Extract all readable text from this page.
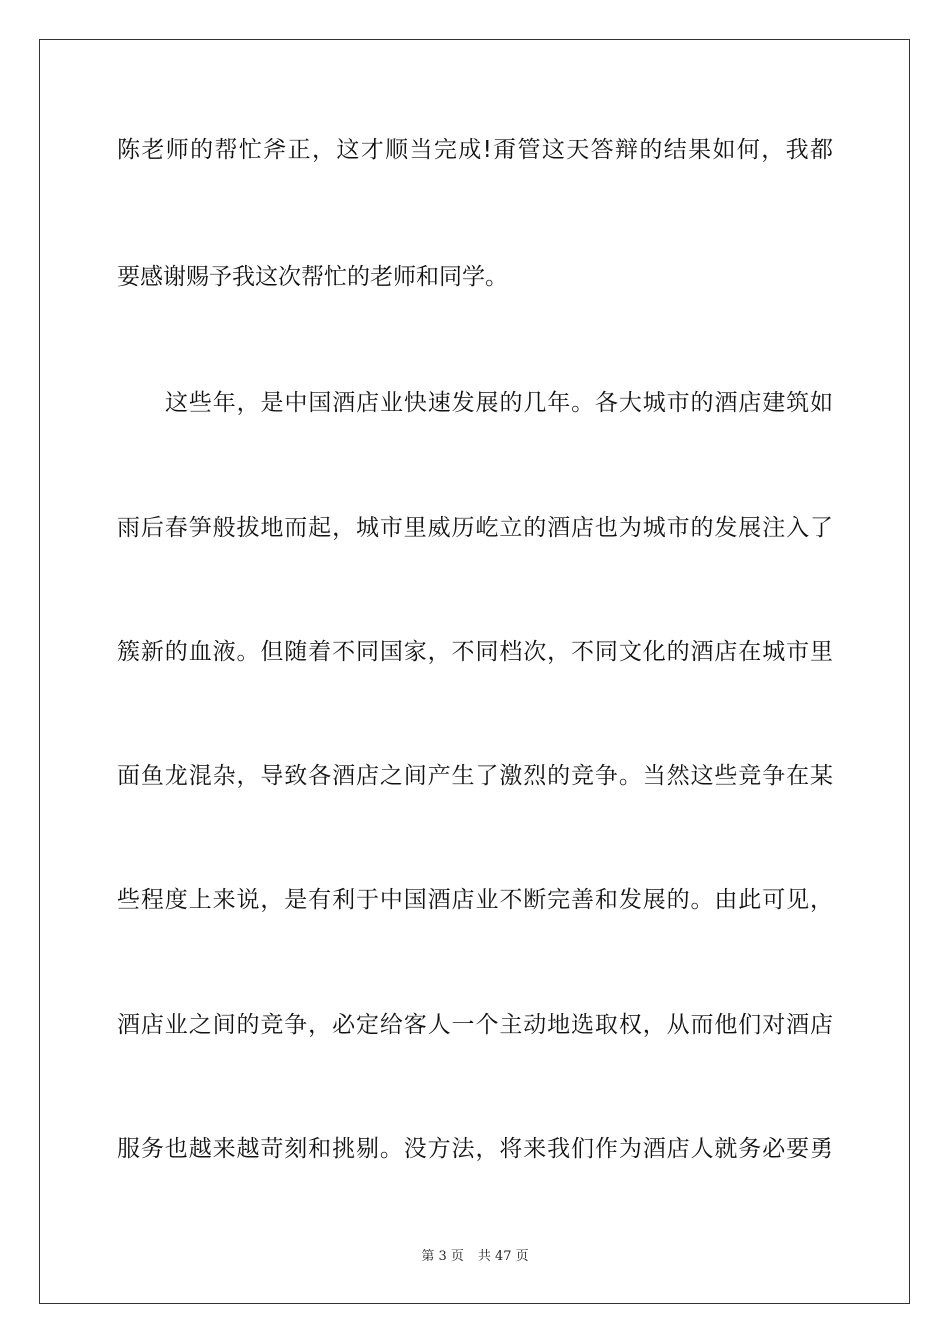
陈老师的帮忙斧正，这才顺当完成!甭管这天答辩的结果如何，我都
要感谢赐予我这次帮忙的老师和同学。
这些年，是中国酒店业快速发展的几年。各大城市的酒店建筑如
雨后春笋般拔地而起，城市里威历屹立的酒店也为城市的发展注入了
簇新的血液。但随着不同国家，不同档次，不同文化的酒店在城市里
面鱼龙混杂，导致各酒店之间产生了激烈的竞争。当然这些竞争在某
些程度上来说，是有利于中国酒店业不断完善和发展的。由此可见，
酒店业之间的竞争，必定给客人一个主动地选取权，从而他们对酒店
服务也越来越苛刻和挑剔。没方法，将来我们作为酒店人就务必要勇
第 3 页 共 47 页
